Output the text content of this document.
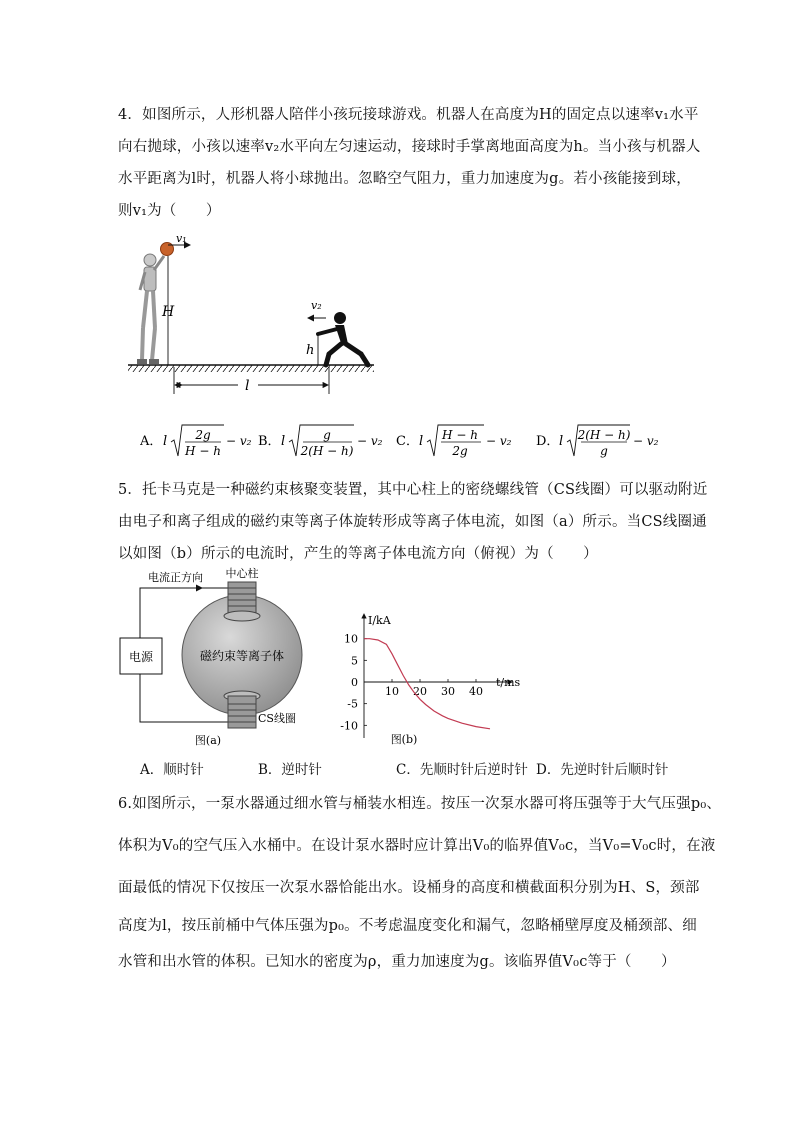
4．如图所示，人形机器人陪伴小孩玩接球游戏。机器人在高度为H的固定点以速率v₁水平
向右抛球，小孩以速率v₂水平向左匀速运动，接球时手掌离地面高度为h。当小孩与机器人
水平距离为l时，机器人将小球抛出。忽略空气阻力，重力加速度为g。若小孩能接到球，
则v₁为（　　）
v₁
H	v₂
h
l
A． l 2g
H − h
− v₂ B． l	g
2(H − h)
− v₂ C． l H − h
2g
− v₂ D． l 2(H − h)
g
− v₂
5．托卡马克是一种磁约束核聚变装置，其中心柱上的密绕螺线管（CS线圈）可以驱动附近
由电子和离子组成的磁约束等离子体旋转形成等离子体电流，如图（a）所示。当CS线圈通
以如图（b）所示的电流时，产生的等离子体电流方向（俯视）为（　　）
电流正方向
电源	磁约束等离子体
中心柱
CS线圈
图(a)
I/kA
t/ms
0
10 20 30 40
10
5
-5
-10
图(b)
A．顺时针	B．逆时针	C．先顺时针后逆时针 D．先逆时针后顺时针
6.如图所示，一泵水器通过细水管与桶装水相连。按压一次泵水器可将压强等于大气压强p₀、
体积为V₀的空气压入水桶中。在设计泵水器时应计算出V₀的临界值V₀c，当V₀=V₀c时，在液
面最低的情况下仅按压一次泵水器恰能出水。设桶身的高度和横截面积分别为H、S，颈部
高度为l，按压前桶中气体压强为p₀。不考虑温度变化和漏气，忽略桶壁厚度及桶颈部、细
水管和出水管的体积。已知水的密度为ρ，重力加速度为g。该临界值V₀c等于（　　）
